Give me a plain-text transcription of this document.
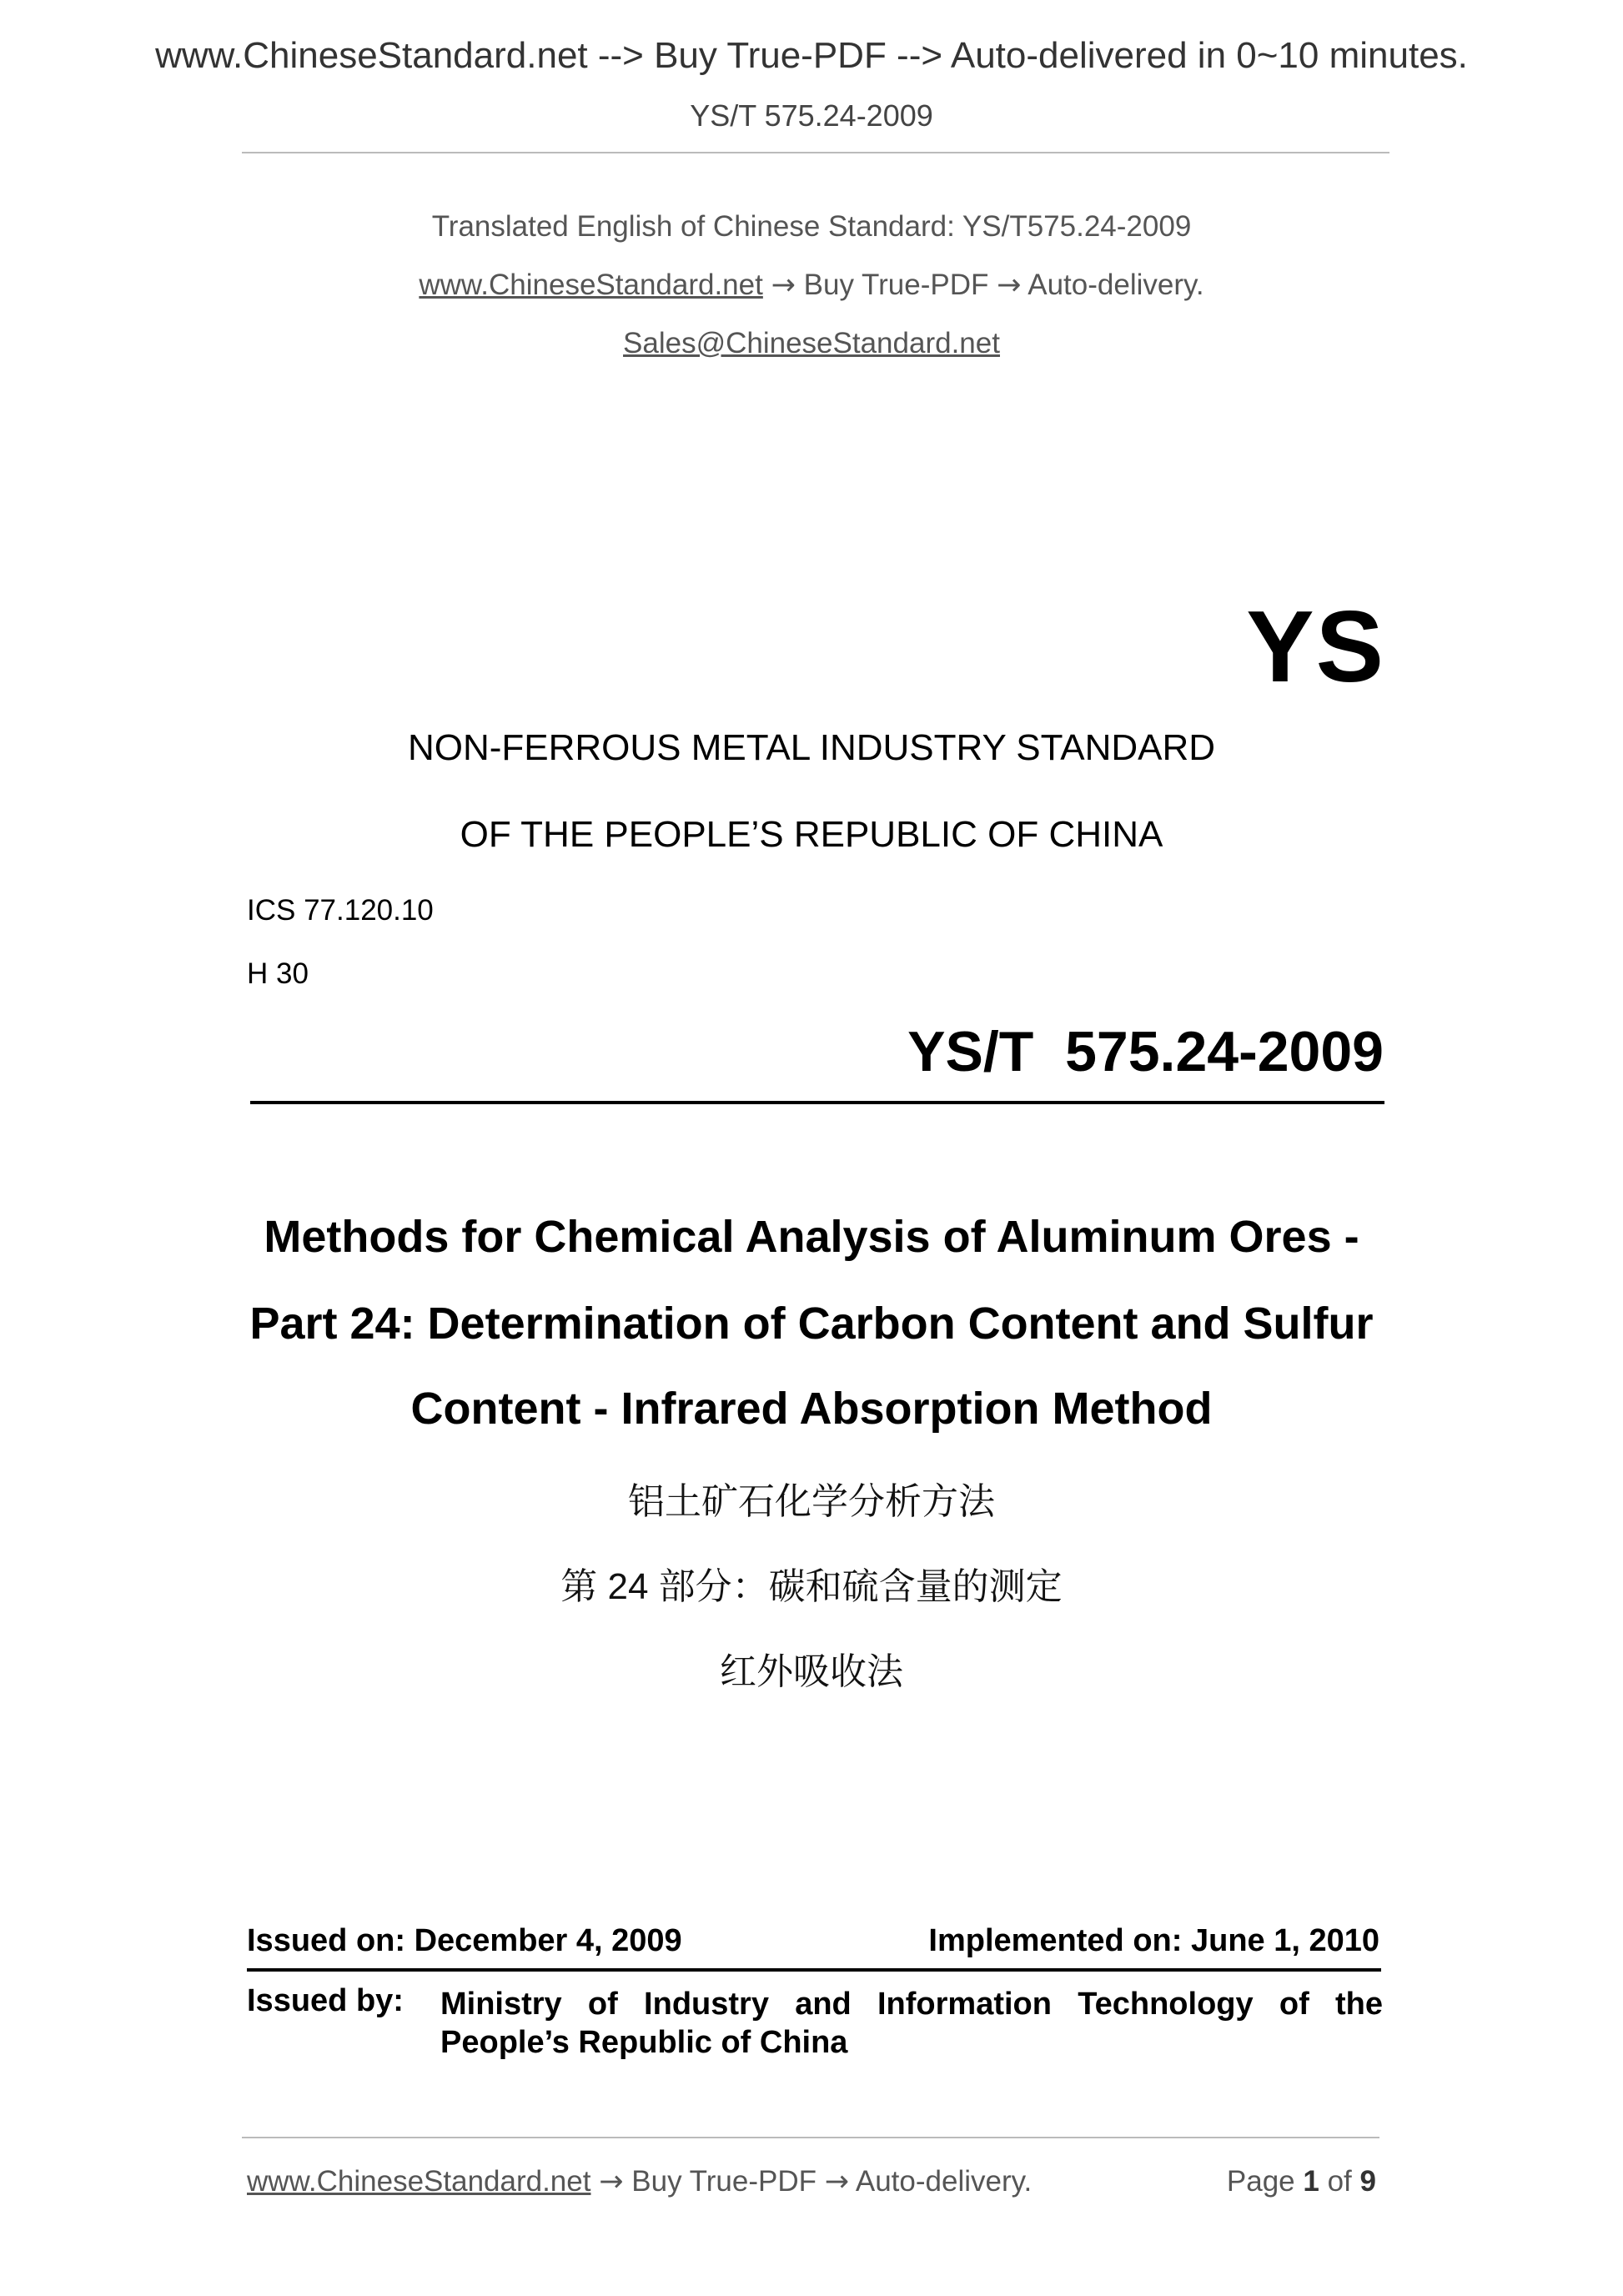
www.ChineseStandard.net --> Buy True-PDF --> Auto-delivered in 0~10 minutes.
YS/T 575.24-2009
Translated English of Chinese Standard: YS/T575.24-2009
www.ChineseStandard.net → Buy True-PDF → Auto-delivery.
Sales@ChineseStandard.net
YS
NON-FERROUS METAL INDUSTRY STANDARD
OF THE PEOPLE’S REPUBLIC OF CHINA
ICS 77.120.10
H 30
YS/T  575.24-2009
Methods for Chemical Analysis of Aluminum Ores -
Part 24: Determination of Carbon Content and Sulfur
Content - Infrared Absorption Method
铝土矿石化学分析方法
第 24 部分：碳和硫含量的测定
红外吸收法
Issued on: December 4, 2009	Implemented on: June 1, 2010
Issued by: Ministry of Industry and Information Technology of the
People’s Republic of China
www.ChineseStandard.net → Buy True-PDF → Auto-delivery.	Page 1 of 9
